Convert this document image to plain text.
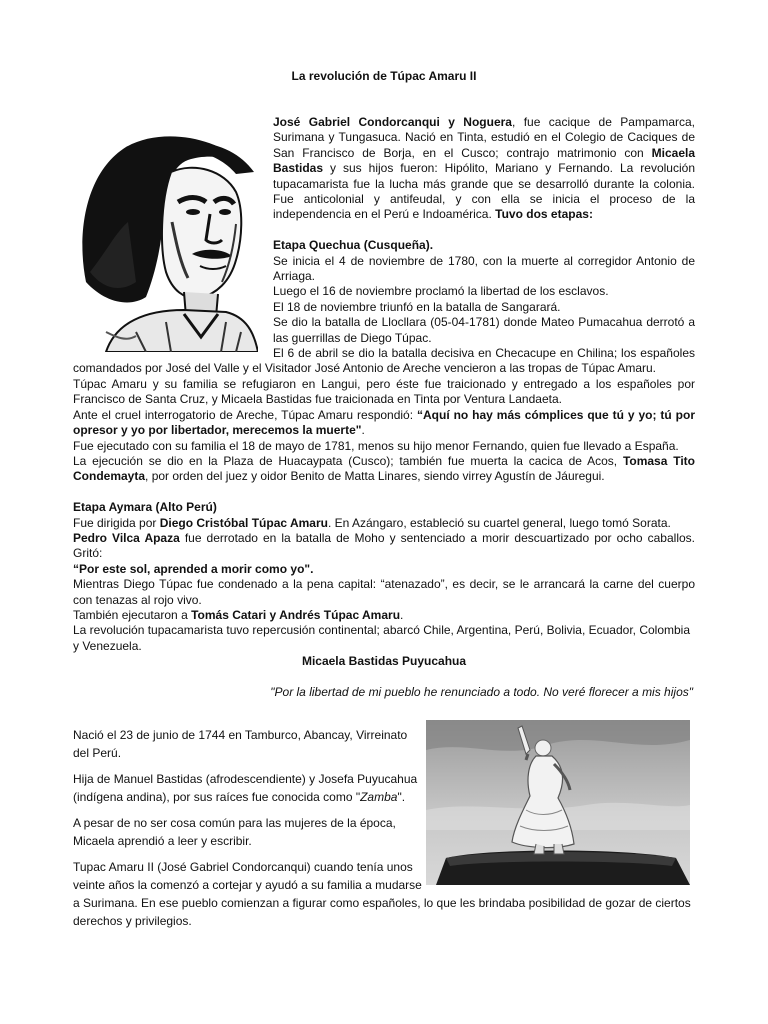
La revolución de Túpac Amaru II

José Gabriel Condorcanqui y Noguera, fue cacique de Pampamarca, Surimana y Tungasuca. Nació en Tinta, estudió en el Colegio de Caciques de San Francisco de Borja, en el Cusco; contrajo matrimonio con Micaela Bastidas y sus hijos fueron: Hipólito, Mariano y Fernando. La revolución tupacamarista fue la lucha más grande que se desarrolló durante la colonia. Fue anticolonial y antifeudal, y con ella se inicia el proceso de la independencia en el Perú e Indoamérica. Tuvo dos etapas:

Etapa Quechua (Cusqueña).

Se inicia el 4 de noviembre de 1780, con la muerte al corregidor Antonio de Arriaga.

Luego el 16 de noviembre proclamó la libertad de los esclavos.

El 18 de noviembre triunfó en la batalla de Sangarará.

Se dio la batalla de Llocllara (05-04-1781) donde Mateo Pumacahua derrotó a las guerrillas de Diego Túpac.

El 6 de abril se dio la batalla decisiva en Checacupe en Chilina; los españoles comandados por José del Valle y el Visitador José Antonio de Areche vencieron a las tropas de Túpac Amaru.

Túpac Amaru y su familia se refugiaron en Langui, pero éste fue traicionado y entregado a los españoles por Francisco de Santa Cruz, y Micaela Bastidas fue traicionada en Tinta por Ventura Landaeta.

Ante el cruel interrogatorio de Areche, Túpac Amaru respondió: “Aquí no hay más cómplices que tú y yo; tú por opresor y yo por libertador, merecemos la muerte".

Fue ejecutado con su familia el 18 de mayo de 1781, menos su hijo menor Fernando, quien fue llevado a España.

La ejecución se dio en la Plaza de Huacaypata (Cusco); también fue muerta la cacica de Acos, Tomasa Tito Condemayta, por orden del juez y oidor Benito de Matta Linares, siendo virrey Agustín de Jáuregui.

Etapa Aymara (Alto Perú)

Fue dirigida por Diego Cristóbal Túpac Amaru. En Azángaro, estableció su cuartel general, luego tomó Sorata.

Pedro Vilca Apaza fue derrotado en la batalla de Moho y sentenciado a morir descuartizado por ocho caballos. Gritó:
“Por este sol, aprended a morir como yo".

Mientras Diego Túpac fue condenado a la pena capital: “atenazado”, es decir, se le arrancará la carne del cuerpo con tenazas al rojo vivo.

También ejecutaron a Tomás Catari y Andrés Túpac Amaru.

La revolución tupacamarista tuvo repercusión continental; abarcó Chile, Argentina, Perú, Bolivia, Ecuador, Colombia y Venezuela.

Micaela Bastidas Puyucahua
"Por la libertad de mi pueblo he renunciado a todo. No veré florecer a mis hijos"

Nació el 23 de junio de 1744 en Tamburco, Abancay, Virreinato del Perú.

Hija de Manuel Bastidas (afrodescendiente) y Josefa Puyucahua (indígena andina), por sus raíces fue conocida como "Zamba".

A pesar de no ser cosa común para las mujeres de la época, Micaela aprendió a leer y escribir.

Tupac Amaru II (José Gabriel Condorcanqui) cuando tenía unos veinte años la comenzó a cortejar y ayudó a su familia a mudarse a Surimana. En ese pueblo comienzan a figurar como españoles, lo que les brindaba posibilidad de gozar de ciertos derechos y privilegios.
